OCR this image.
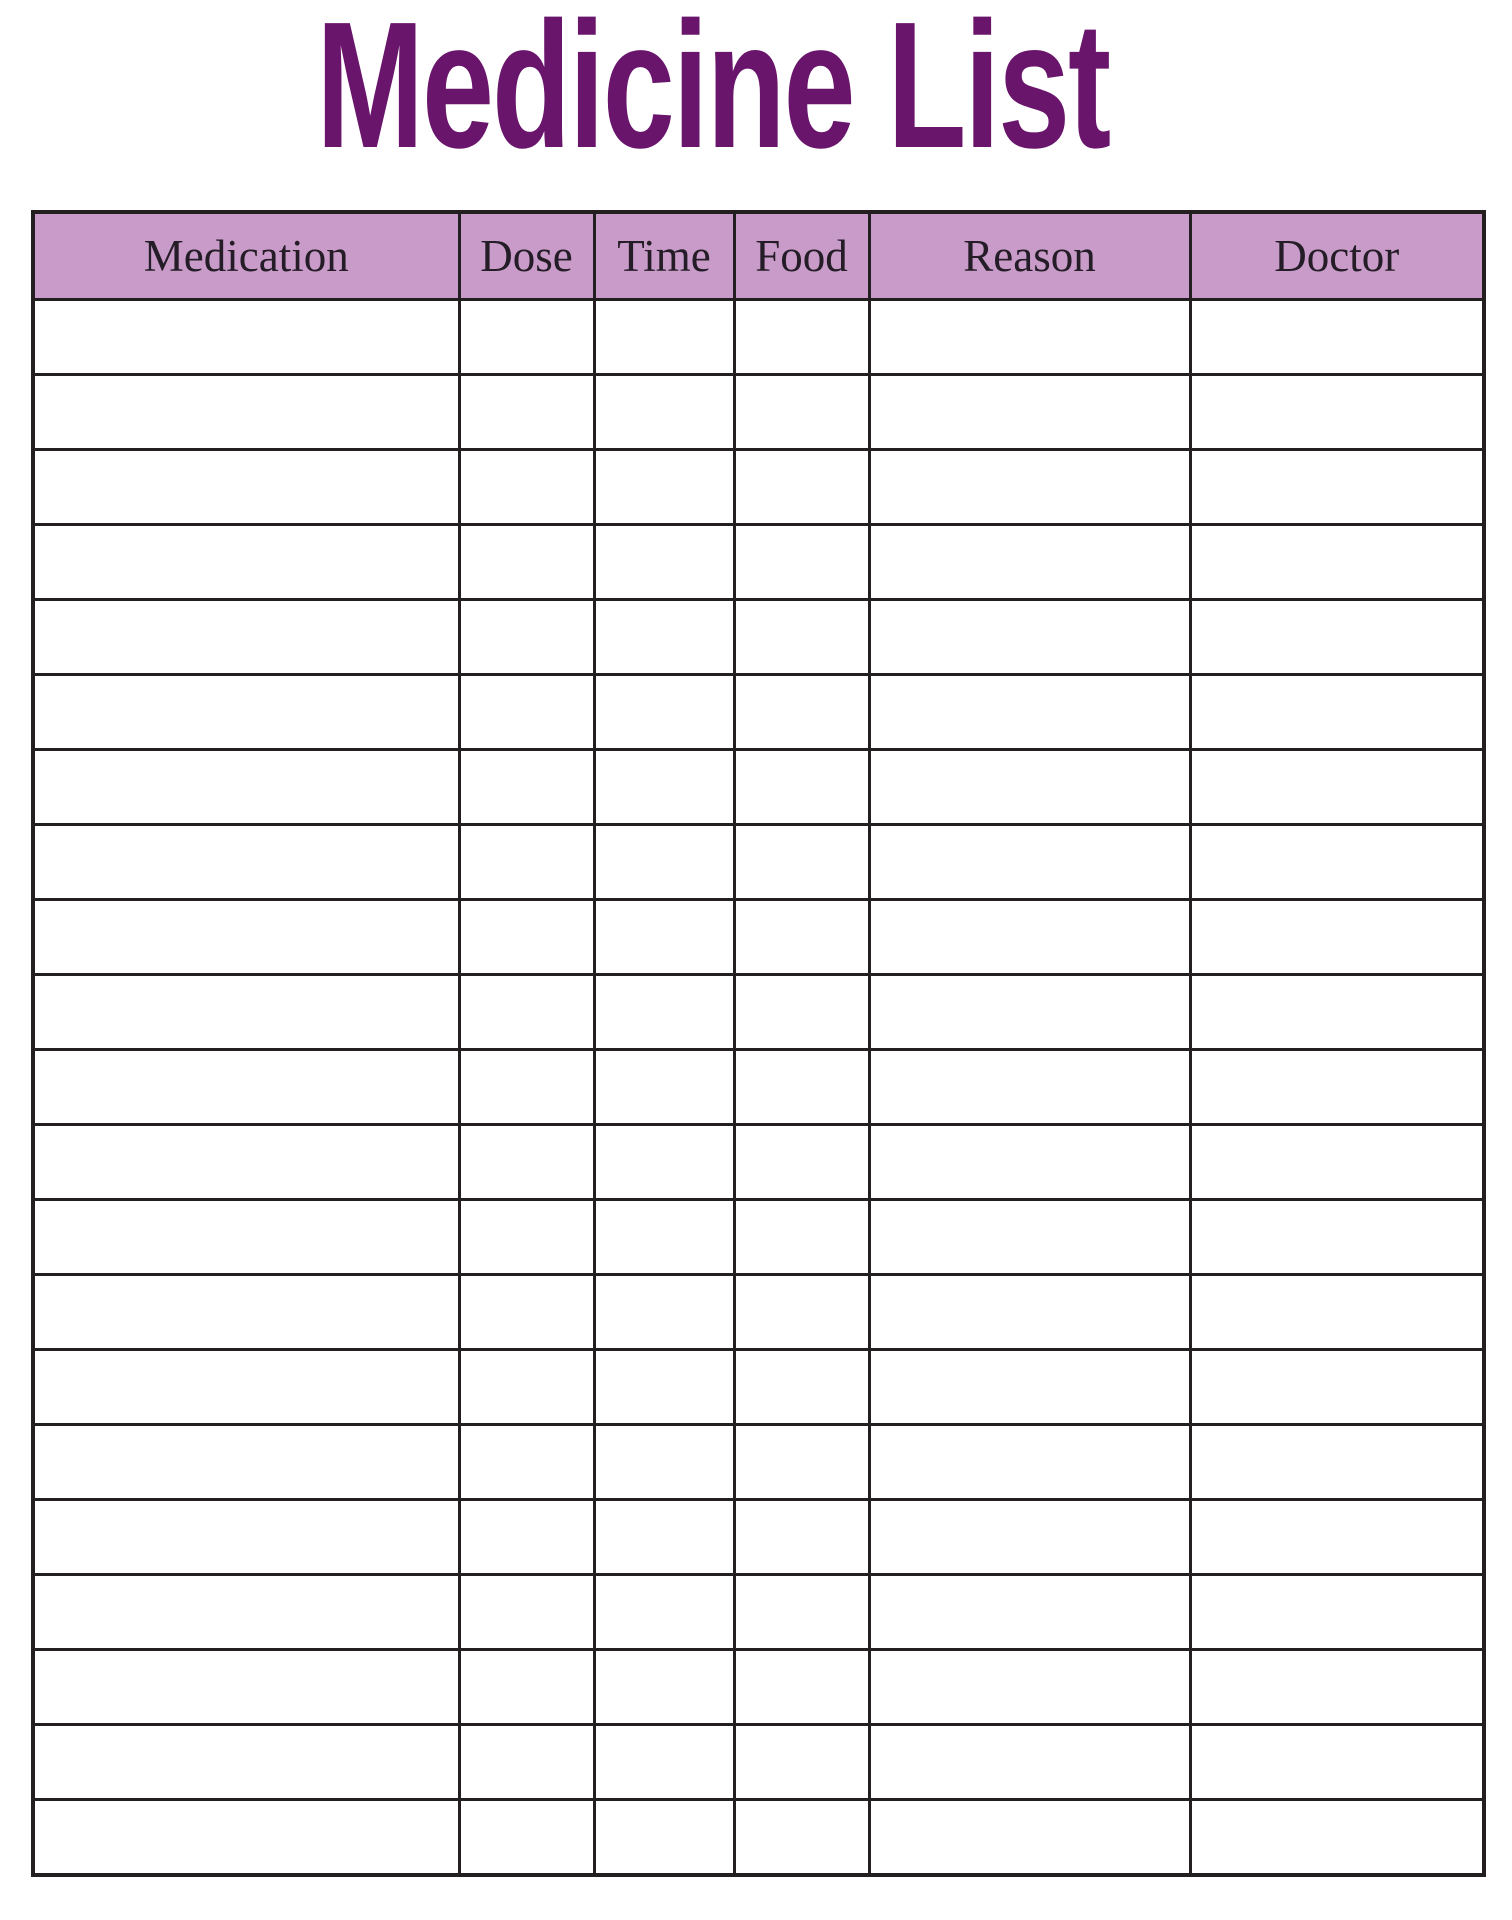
Medicine List
Medication	Dose	Time	Food	Reason	Doctor
